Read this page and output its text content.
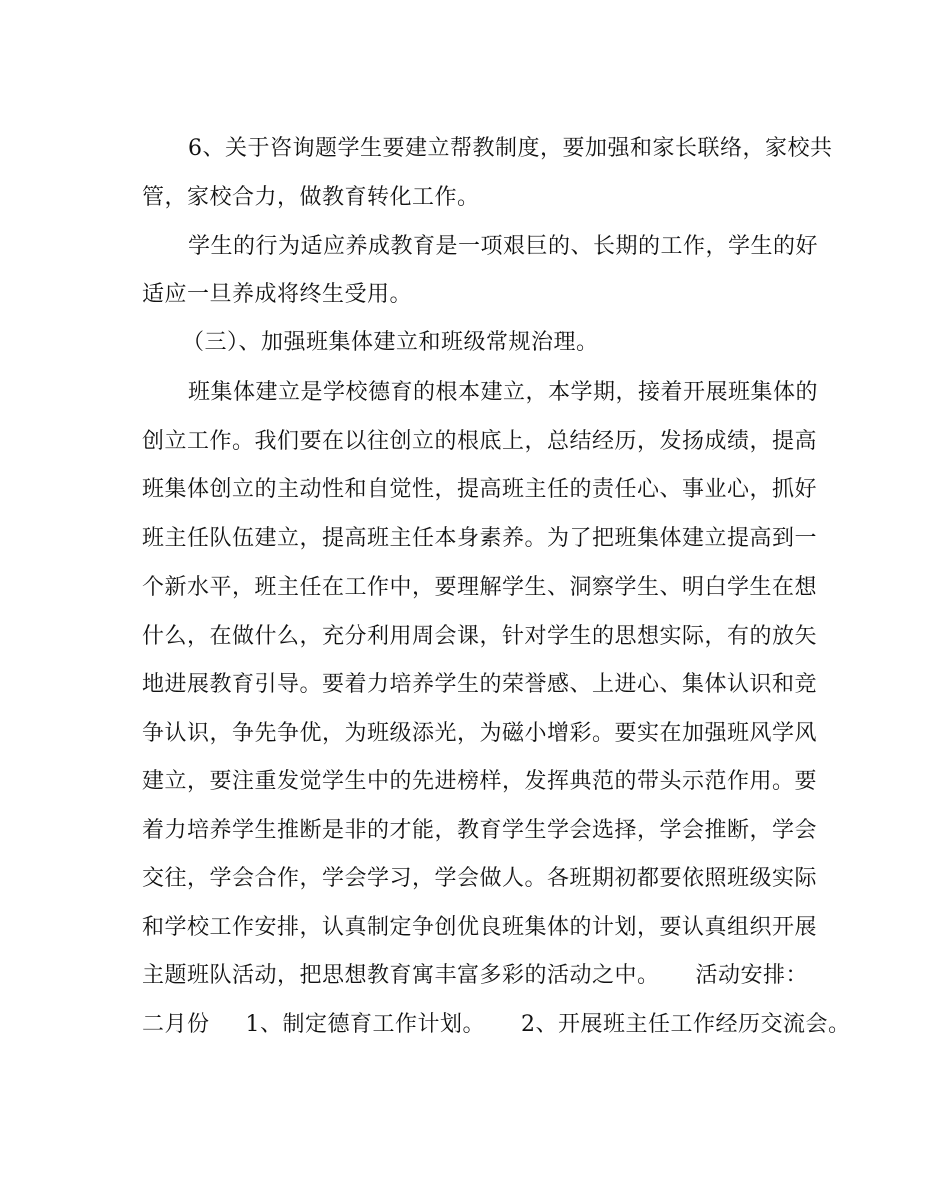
6、关于咨询题学生要建立帮教制度，要加强和家长联络，家校共
管，家校合力，做教育转化工作。
学生的行为适应养成教育是一项艰巨的、长期的工作，学生的好
适应一旦养成将终生受用。
（三）、加强班集体建立和班级常规治理。
班集体建立是学校德育的根本建立，本学期，接着开展班集体的
创立工作。我们要在以往创立的根底上，总结经历，发扬成绩，提高
班集体创立的主动性和自觉性，提高班主任的责任心、事业心，抓好
班主任队伍建立，提高班主任本身素养。为了把班集体建立提高到一
个新水平，班主任在工作中，要理解学生、洞察学生、明白学生在想
什么，在做什么，充分利用周会课，针对学生的思想实际，有的放矢
地进展教育引导。要着力培养学生的荣誉感、上进心、集体认识和竞
争认识，争先争优，为班级添光，为磁小增彩。要实在加强班风学风
建立，要注重发觉学生中的先进榜样，发挥典范的带头示范作用。要
着力培养学生推断是非的才能，教育学生学会选择，学会推断，学会
交往，学会合作，学会学习，学会做人。各班期初都要依照班级实际
和学校工作安排，认真制定争创优良班集体的计划，要认真组织开展
主题班队活动，把思想教育寓丰富多彩的活动之中。 活动安排：
二月份 1、制定德育工作计划。 2、开展班主任工作经历交流会。
